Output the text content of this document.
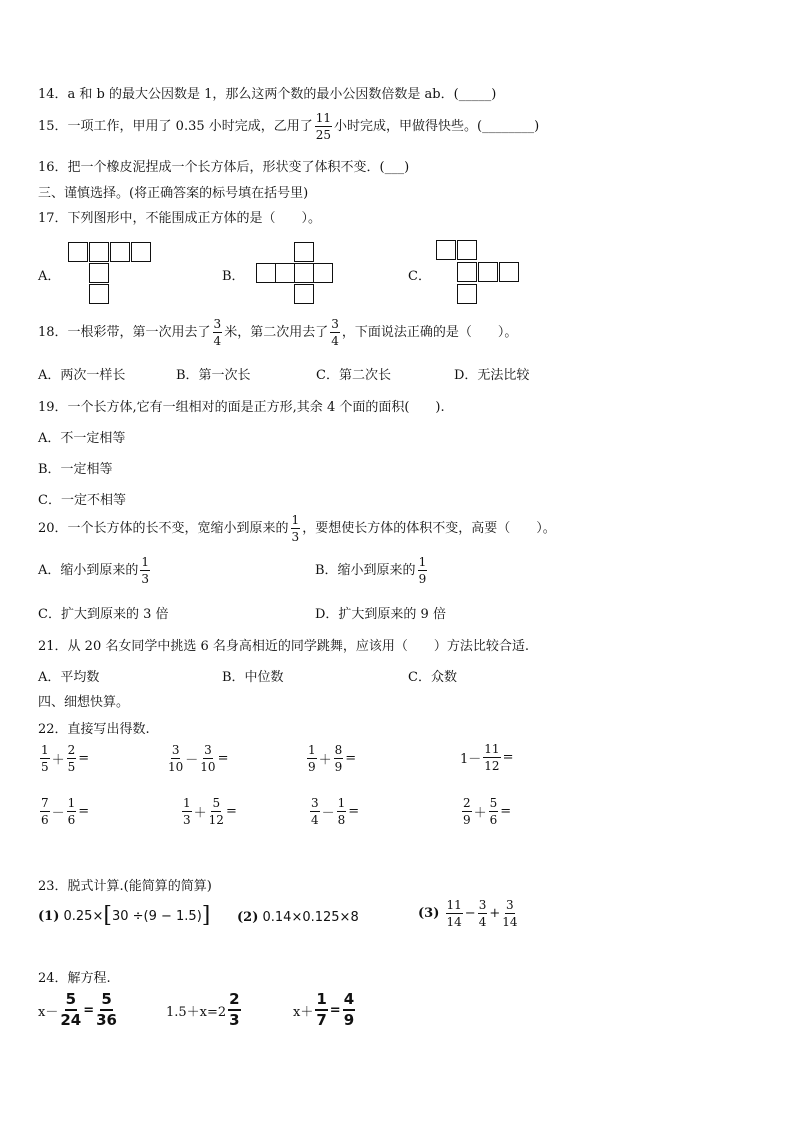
14．a 和 b 的最大公因数是 1，那么这两个数的最小公因数倍数是 ab．(_____)
15．一项工作，甲用了 0.35 小时完成，乙用了 $\frac{11}{25}$ 小时完成，甲做得快些。(________)
16．把一个橡皮泥捏成一个长方体后，形状变了体积不变．(___)
三、谨慎选择。(将正确答案的标号填在括号里)
17．下列图形中，不能围成正方体的是（　　）。
A．	B．	C．
18．一根彩带，第一次用去了 $\frac{3}{4}$ 米，第二次用去了 $\frac{3}{4}$ ，下面说法正确的是（　　）。
A．两次一样长	B．第一次长	C．第二次长	D．无法比较
19．一个长方体,它有一组相对的面是正方形,其余 4 个面的面积(　　).
A．不一定相等
B．一定相等
C．一定不相等
20．一个长方体的长不变，宽缩小到原来的 $\frac{1}{3}$ ，要想使长方体的体积不变，高要（　　）。
A．缩小到原来的 $\frac{1}{3}$	B．缩小到原来的 $\frac{1}{9}$
C．扩大到原来的 3 倍	D．扩大到原来的 9 倍
21．从 20 名女同学中挑选 6 名身高相近的同学跳舞，应该用（　　）方法比较合适.
A．平均数	B．中位数	C．众数
四、细想快算。
22．直接写出得数.
$\frac{1}{5} + \frac{2}{5}$ =	$\frac{3}{10} - \frac{3}{10}$ =	$\frac{1}{9} + \frac{8}{9}$ =	$1- \frac{11}{12}$ =
$\frac{7}{6} - \frac{1}{6}$ =	$\frac{1}{3} + \frac{5}{12}$ =	$\frac{3}{4} - \frac{1}{8}$ =	$\frac{2}{9} + \frac{5}{6}$ =
23．脱式计算.(能简算的简算)
(1)
0.25× [ 30 ÷ ( 9 − 1.5 ) ] (2)
0.14×0.125×8	(3)
$\frac{11}{14} - \frac{3}{4} + \frac{3}{14}$
24．解方程.
$x- \frac{5}{24} = \frac{5}{36}$	$1.5+x=2 \frac{2}{3}$	$x+ \frac{1}{7} = \frac{4}{9}$
